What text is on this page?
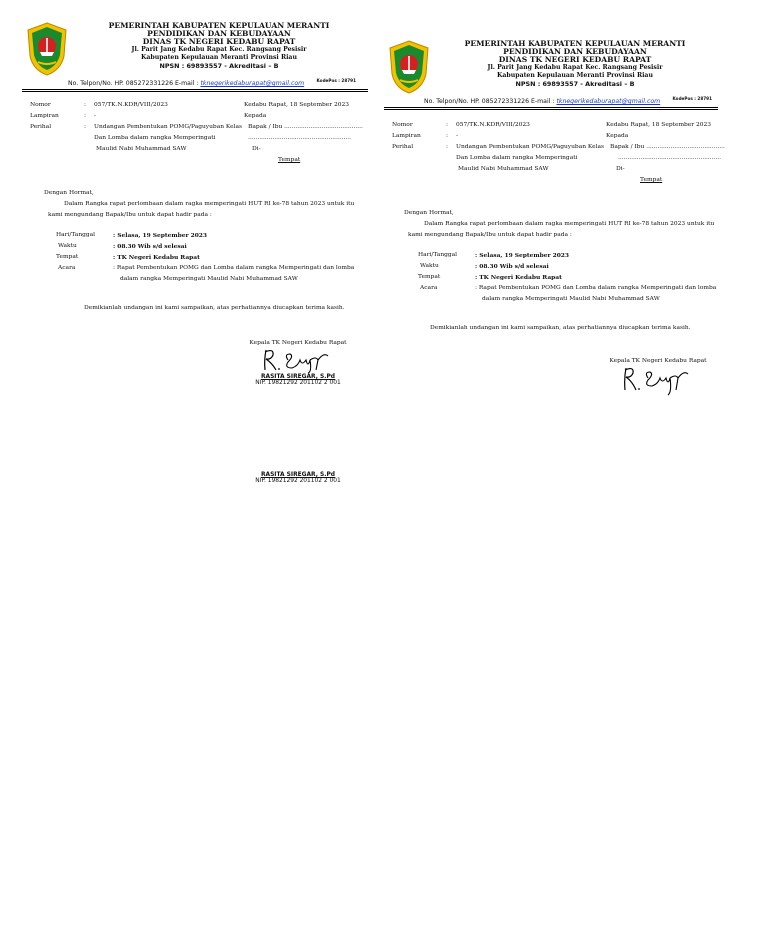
PEMERINTAH KABUPATEN KEPULAUAN MERANTI
PENDIDIKAN DAN KEBUDAYAAN
DINAS TK NEGERI KEDABU RAPAT
Jl. Parit Jang Kedabu Rapat Kec. Rangsang Pesisir
Kabupaten Kepulauan Meranti Provinsi Riau
NPSN : 69893557 - Akreditasi – B
No. Telpon/No. HP. 085272331226 E-mail : tknegerikedaburapat@gmail.com	KodePos : 28791
Nomor	: 057/TK.N.KDR/VIII/2023	Kedabu Rapat, 18 September 2023
Lampiran	: -	Kepada
Perihal	: Undangan Pembentukan POMG/Paguyuban Kelas Bapak / Ibu ..........................................
Dan Lomba dalam rangka Memperingati	.......................................................
Maulid Nabi Muhammad SAW	Di-
Tempat
Dengan Hormat,
Dalam Rangka rapat perlombaan dalam ragka memperingati HUT RI ke-78 tahun 2023 untuk itu
kami mengundang Bapak/Ibu untuk dapat hadir pada :
Hari/Tanggal	: Selasa, 19 September 2023
Waktu	: 08.30 Wib s/d selesai
Tempat	: TK Negeri Kedabu Rapat
Acara	: Rapat Pembentukan POMG dan Lomba dalam rangka Memperingati dan lomba
dalam rangka Memperingati Maulid Nabi Muhammad SAW
Demikianlah undangan ini kami sampaikan, atas perhatiannya diucapkan terima kasih.
Kepala TK Negeri Kedabu Rapat
RASITA SIREGAR, S.Pd
NIP. 19821292 201102 2 001
RASITA SIREGAR, S.Pd
NIP. 19821292 201102 2 001
PEMERINTAH KABUPATEN KEPULAUAN MERANTI
PENDIDIKAN DAN KEBUDAYAAN
DINAS TK NEGERI KEDABU RAPAT
Jl. Parit Jang Kedabu Rapat Kec. Rangsang Pesisir
Kabupaten Kepulauan Meranti Provinsi Riau
NPSN : 69893557 - Akreditasi – B
No. Telpon/No. HP. 085272331226 E-mail : tknegerikedaburapat@gmail.com	KodePos : 28791
Nomor	: 057/TK.N.KDR/VIII/2023	Kedabu Rapat, 18 September 2023
Lampiran	: -	Kepada
Perihal	: Undangan Pembentukan POMG/Paguyuban Kelas Bapak / Ibu ..........................................
Dan Lomba dalam rangka Memperingati	.......................................................
Maulid Nabi Muhammad SAW	Di-
Tempat
Dengan Hormat,
Dalam Rangka rapat perlombaan dalam ragka memperingati HUT RI ke-78 tahun 2023 untuk itu
kami mengundang Bapak/Ibu untuk dapat hadir pada :
Hari/Tanggal	: Selasa, 19 September 2023
Waktu	: 08.30 Wib s/d selesai
Tempat	: TK Negeri Kedabu Rapat
Acara	: Rapat Pembentukan POMG dan Lomba dalam rangka Memperingati dan lomba
dalam rangka Memperingati Maulid Nabi Muhammad SAW
Demikianlah undangan ini kami sampaikan, atas perhatiannya diucapkan terima kasih.
Kepala TK Negeri Kedabu Rapat
